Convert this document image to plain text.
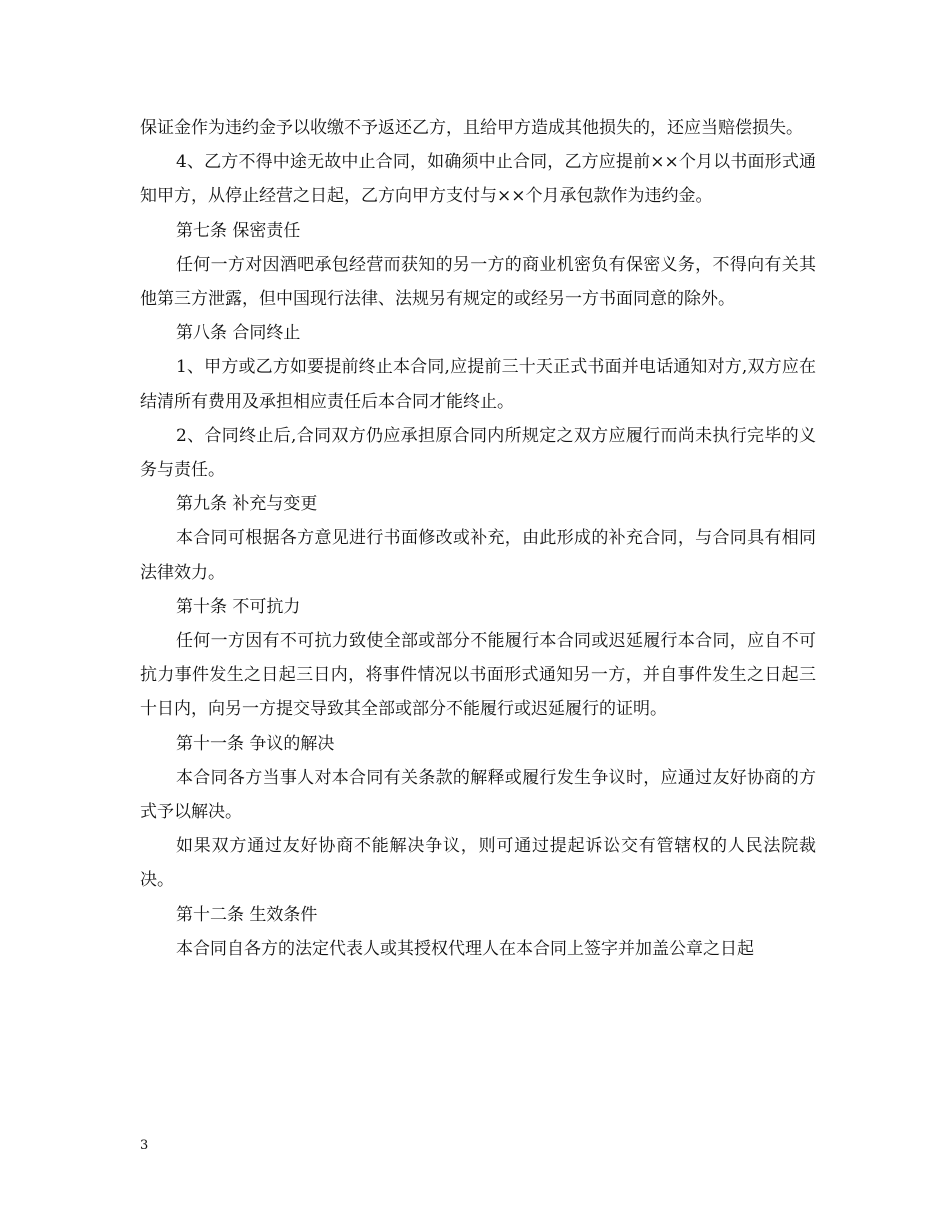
保证金作为违约金予以收缴不予返还乙方，且给甲方造成其他损失的，还应当赔偿损失。

4、乙方不得中途无故中止合同，如确须中止合同，乙方应提前××个月以书面形式通知甲方，从停止经营之日起，乙方向甲方支付与××个月承包款作为违约金。

第七条 保密责任

任何一方对因酒吧承包经营而获知的另一方的商业机密负有保密义务，不得向有关其他第三方泄露，但中国现行法律、法规另有规定的或经另一方书面同意的除外。

第八条 合同终止

1、甲方或乙方如要提前终止本合同,应提前三十天正式书面并电话通知对方,双方应在结清所有费用及承担相应责任后本合同才能终止。

2、合同终止后,合同双方仍应承担原合同内所规定之双方应履行而尚未执行完毕的义务与责任。

第九条 补充与变更

本合同可根据各方意见进行书面修改或补充，由此形成的补充合同，与合同具有相同法律效力。

第十条 不可抗力

任何一方因有不可抗力致使全部或部分不能履行本合同或迟延履行本合同，应自不可抗力事件发生之日起三日内，将事件情况以书面形式通知另一方，并自事件发生之日起三十日内，向另一方提交导致其全部或部分不能履行或迟延履行的证明。

第十一条 争议的解决

本合同各方当事人对本合同有关条款的解释或履行发生争议时，应通过友好协商的方式予以解决。

如果双方通过友好协商不能解决争议，则可通过提起诉讼交有管辖权的人民法院裁决。

第十二条 生效条件

本合同自各方的法定代表人或其授权代理人在本合同上签字并加盖公章之日起

3
